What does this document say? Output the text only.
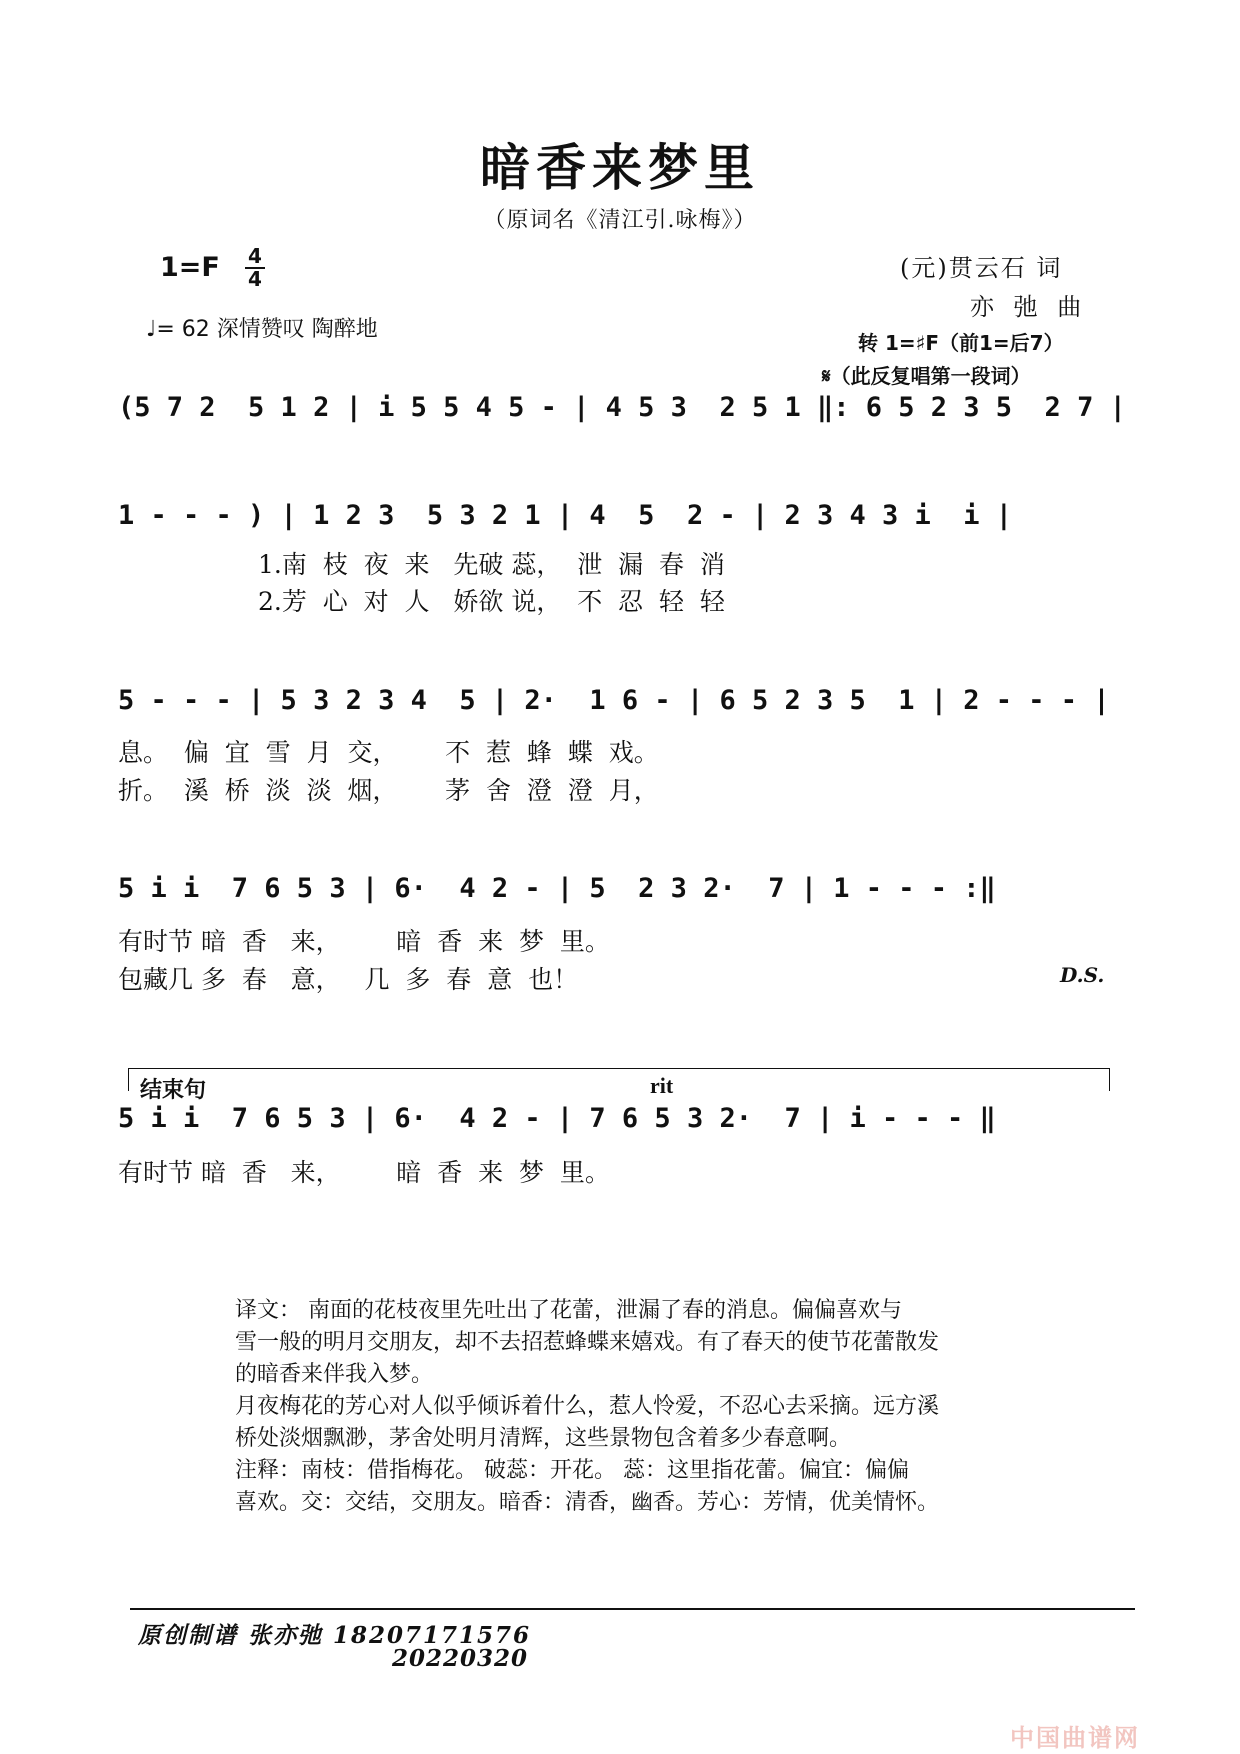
暗香来梦里
（原词名《清江引.咏梅》）
1=F 4
4
♩= 62 深情赞叹 陶醉地
(元)贯云石 词
亦 弛 曲
转 1=♯F（前1=后7）
𝄋（此反复唱第一段词）
(5 7 2  5 1 2 | i 5 5 4 5 - | 4 5 3  2 5 1 ‖: 6 5 2 3 5  2 7 |
1 - - - ) | 1 2 3  5 3 2 1 | 4  5  2 - | 2 3 4 3 i  i |
1.南  枝  夜  来   先破 蕊，  泄  漏  春  消
2.芳  心  对  人   娇欲 说，  不  忍  轻  轻
5 - - - | 5 3 2 3 4  5 | 2·  1 6 - | 6 5 2 3 5  1 | 2 - - - |
息。  偏  宜  雪  月  交，      不  惹  蜂  蝶  戏。
折。  溪  桥  淡  淡  烟，      茅  舍  澄  澄  月，
5 i i  7 6 5 3 | 6·  4 2 - | 5  2 3 2·  7 | 1 - - - :‖
有时节 暗  香   来，       暗  香  来  梦  里。
包藏几 多  春   意，   几  多  春  意  也！	D.S.
结束句	rit
5 i i  7 6 5 3 | 6·  4 2 - | 7 6 5 3 2·  7 | i - - - ‖
有时节 暗  香   来，       暗  香  来  梦  里。

译文： 南面的花枝夜里先吐出了花蕾，泄漏了春的消息。偏偏喜欢与

雪一般的明月交朋友，却不去招惹蜂蝶来嬉戏。有了春天的使节花蕾散发

的暗香来伴我入梦。

月夜梅花的芳心对人似乎倾诉着什么，惹人怜爱，不忍心去采摘。远方溪

桥处淡烟飘渺，茅舍处明月清辉，这些景物包含着多少春意啊。

注释：南枝：借指梅花。 破蕊：开花。 蕊：这里指花蕾。偏宜：偏偏

喜欢。交：交结，交朋友。暗香：清香，幽香。芳心：芳情，优美情怀。

原创制谱 张亦弛 18207171576
20220320
中国曲谱网
